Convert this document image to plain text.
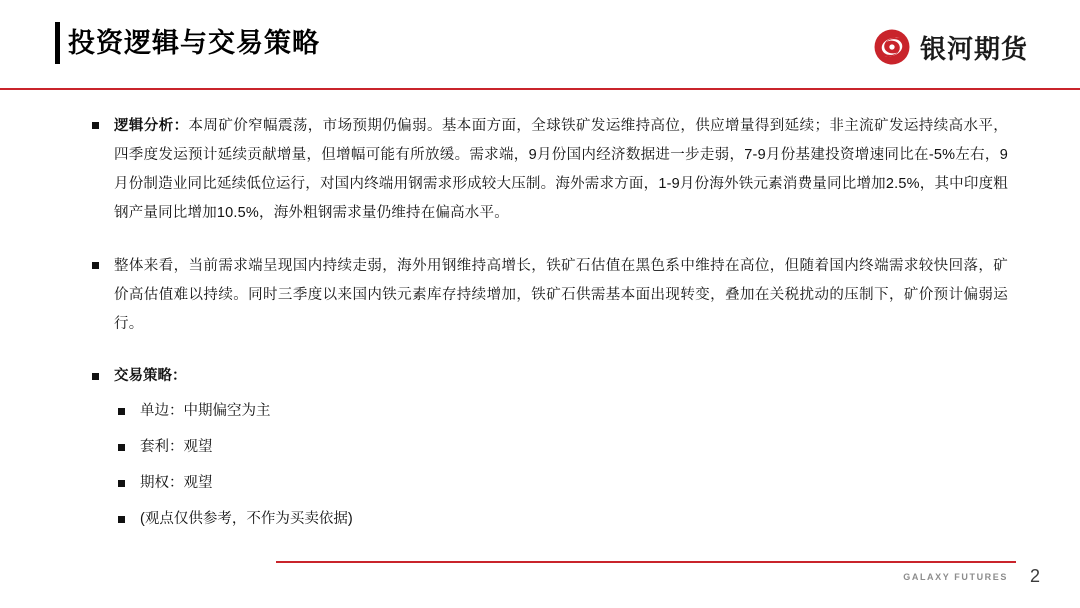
投资逻辑与交易策略	银河期货
逻辑分析：本周矿价窄幅震荡，市场预期仍偏弱。基本面方面，全球铁矿发运维持高位，供应增量得到延续；非主流矿发运持续高水平，四季度发运预计延续贡献增量，但增幅可能有所放缓。需求端，9月份国内经济数据进一步走弱，7-9月份基建投资增速同比在-5%左右，9月份制造业同比延续低位运行，对国内终端用钢需求形成较大压制。海外需求方面，1-9月份海外铁元素消费量同比增加2.5%，其中印度粗钢产量同比增加10.5%，海外粗钢需求量仍维持在偏高水平。
整体来看，当前需求端呈现国内持续走弱，海外用钢维持高增长，铁矿石估值在黑色系中维持在高位，但随着国内终端需求较快回落，矿价高估值难以持续。同时三季度以来国内铁元素库存持续增加，铁矿石供需基本面出现转变，叠加在关税扰动的压制下，矿价预计偏弱运行。
交易策略：
单边：中期偏空为主
套利：观望
期权：观望
(观点仅供参考，不作为买卖依据)
GALAXY FUTURES 2
